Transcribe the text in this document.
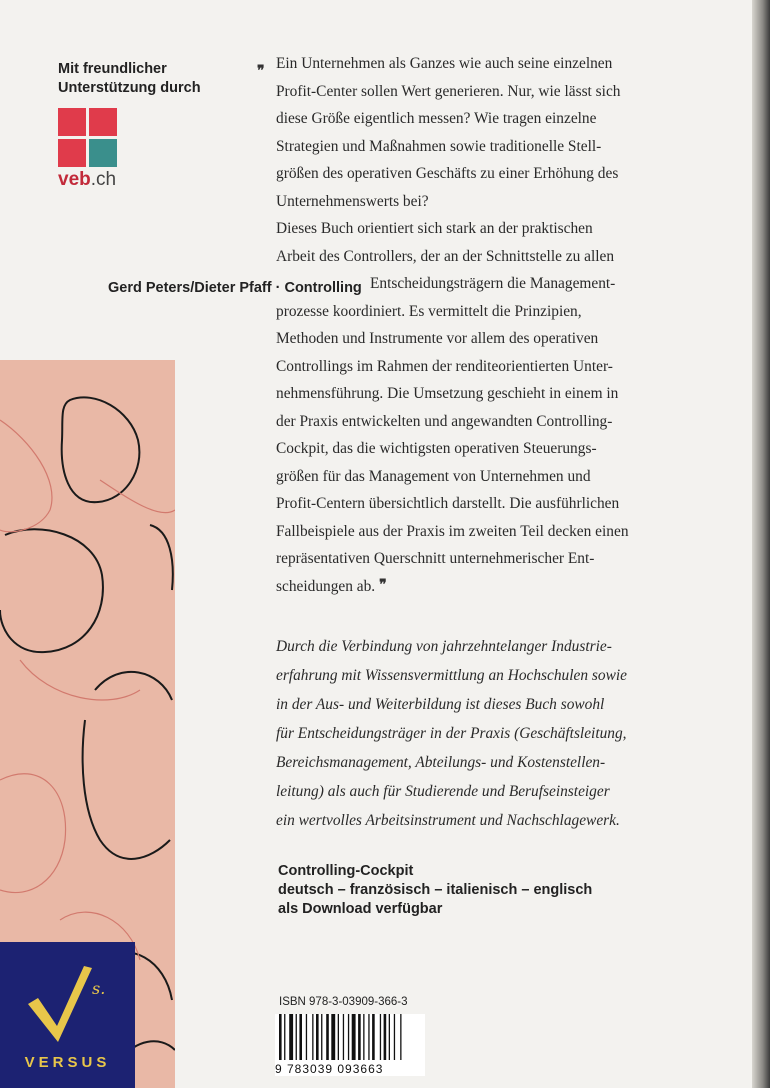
Mit freundlicher
Unterstützung durch
veb.ch
Gerd Peters/Dieter Pfaff · Controlling
❞ Ein Unternehmen als Ganzes wie auch seine einzelnen
Profit-Center sollen Wert generieren. Nur, wie lässt sich
diese Größe eigentlich messen? Wie tragen einzelne
Strategien und Maßnahmen sowie traditionelle Stell-
größen des operativen Geschäfts zu einer Erhöhung des
Unternehmenswerts bei?
Dieses Buch orientiert sich stark an der praktischen
Arbeit des Controllers, der an der Schnittstelle zu allen
Entscheidungsträgern die Management-
prozesse koordiniert. Es vermittelt die Prinzipien,
Methoden und Instrumente vor allem des operativen
Controllings im Rahmen der renditeorientierten Unter-
nehmensführung. Die Umsetzung geschieht in einem in
der Praxis entwickelten und angewandten Controlling-
Cockpit, das die wichtigsten operativen Steuerungs-
größen für das Management von Unternehmen und
Profit-Centern übersichtlich darstellt. Die ausführlichen
Fallbeispiele aus der Praxis im zweiten Teil decken einen
repräsentativen Querschnitt unternehmerischer Ent-
scheidungen ab. ❞
Durch die Verbindung von jahrzehntelanger Industrie-
erfahrung mit Wissensvermittlung an Hochschulen sowie
in der Aus- und Weiterbildung ist dieses Buch sowohl
für Entscheidungsträger in der Praxis (Geschäftsleitung,
Bereichsmanagement, Abteilungs- und Kostenstellen-
leitung) als auch für Studierende und Berufseinsteiger
ein wertvolles Arbeitsinstrument und Nachschlagewerk.
Controlling-Cockpit
deutsch – französisch – italienisch – englisch
als Download verfügbar
s.
VERSUS
ISBN 978-3-03909-366-3
9 783039 093663
